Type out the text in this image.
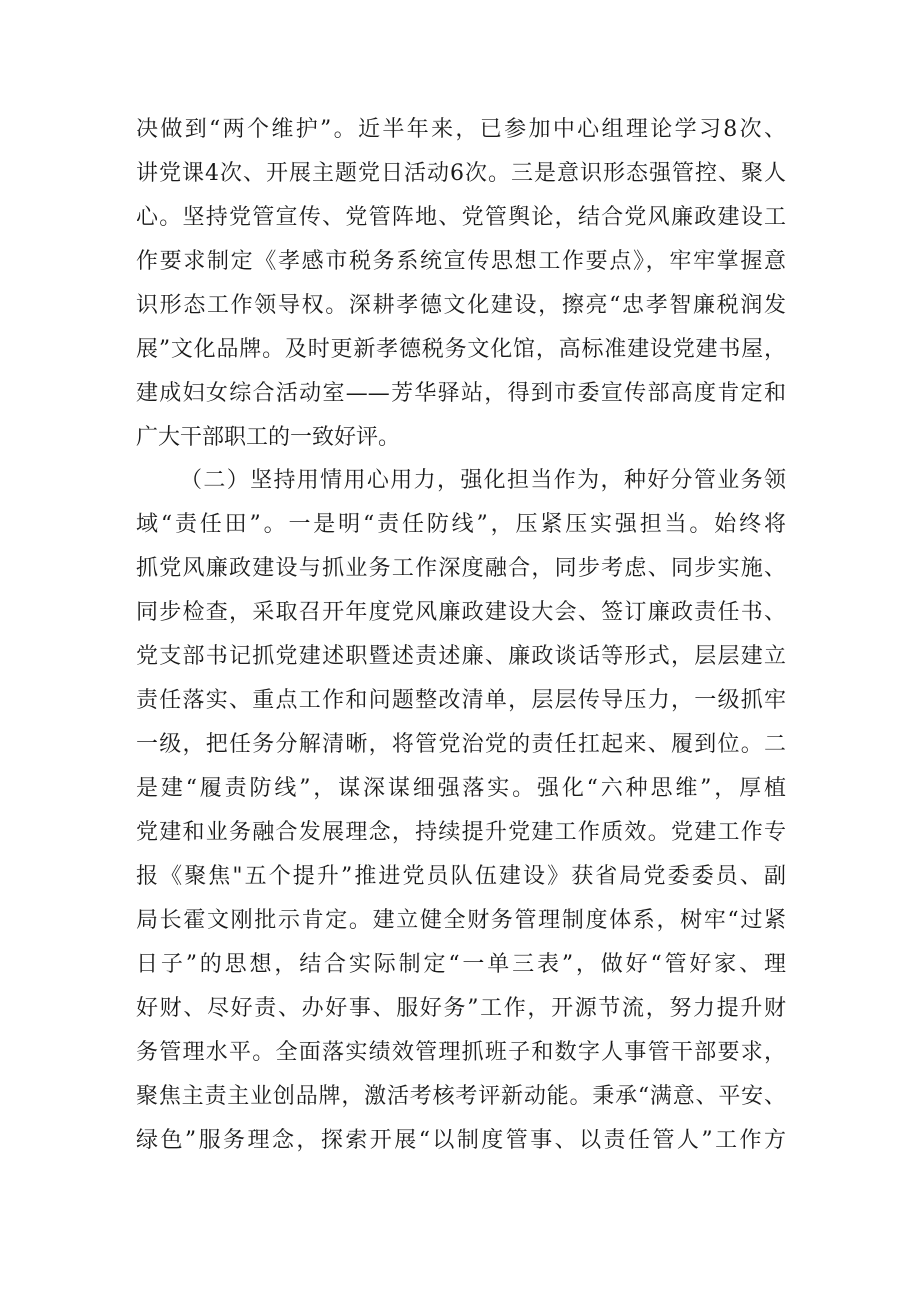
决做到“两个维护”。近半年来，已参加中心组理论学习8次、
讲党课4次、开展主题党日活动6次。三是意识形态强管控、聚人
心。坚持党管宣传、党管阵地、党管舆论，结合党风廉政建设工
作要求制定《孝感市税务系统宣传思想工作要点》，牢牢掌握意
识形态工作领导权。深耕孝德文化建设，擦亮“忠孝智廉税润发
展”文化品牌。及时更新孝德税务文化馆，高标准建设党建书屋，
建成妇女综合活动室——芳华驿站，得到市委宣传部高度肯定和
广大干部职工的一致好评。
（二）坚持用情用心用力，强化担当作为，种好分管业务领
域“责任田”。一是明“责任防线”，压紧压实强担当。始终将
抓党风廉政建设与抓业务工作深度融合，同步考虑、同步实施、
同步检查，采取召开年度党风廉政建设大会、签订廉政责任书、
党支部书记抓党建述职暨述责述廉、廉政谈话等形式，层层建立
责任落实、重点工作和问题整改清单，层层传导压力，一级抓牢
一级，把任务分解清晰，将管党治党的责任扛起来、履到位。二
是建“履责防线”，谋深谋细强落实。强化“六种思维”，厚植
党建和业务融合发展理念，持续提升党建工作质效。党建工作专
报《聚焦"五个提升”推进党员队伍建设》获省局党委委员、副
局长霍文刚批示肯定。建立健全财务管理制度体系，树牢“过紧
日子”的思想，结合实际制定“一单三表”，做好“管好家、理
好财、尽好责、办好事、服好务”工作，开源节流，努力提升财
务管理水平。全面落实绩效管理抓班子和数字人事管干部要求，
聚焦主责主业创品牌，激活考核考评新动能。秉承“满意、平安、
绿色”服务理念，探索开展“以制度管事、以责任管人”工作方
